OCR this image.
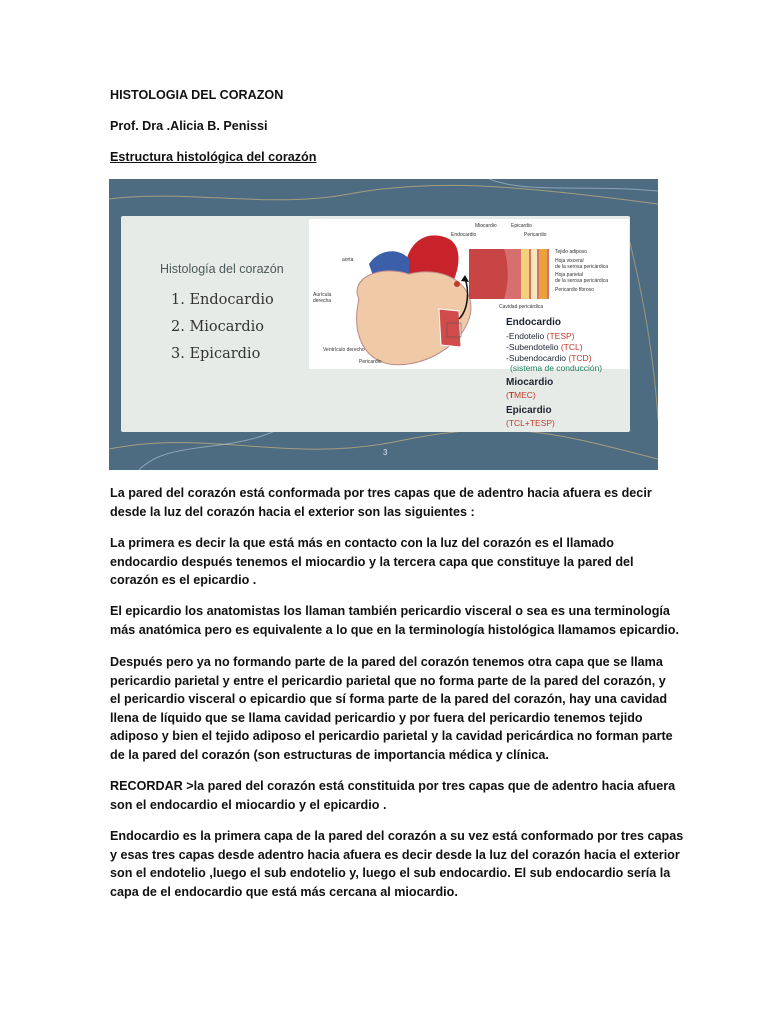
HISTOLOGIA DEL CORAZON
Prof. Dra .Alicia B. Penissi
Estructura histológica del corazón
Histología del corazón
1. Endocardio
2. Miocardio
3. Epicardio
aorta
Aurícula
derecha
Ventrículo derecho
Pericardio
Miocardio	Epicardio
Endocardio	Pericardio
Tejido adiposo
Hoja visceral
de la serosa pericárdica
Hoja parietal
de la serosa pericárdica
Pericardio fibroso
Cavidad pericárdica
Endocardio
-Endotelio (TESP)
-Subendotelio (TCL)
-Subendocardio (TCD)
(sistema de conducción)
Miocardio
(TMEC)
Epicardio
(TCL+TESP)
3
La pared del corazón está conformada por tres capas que de adentro hacia afuera es decir
desde la luz del corazón hacia el exterior son las siguientes :
La primera es decir la que está más en contacto con la luz del corazón es el llamado
endocardio después tenemos el miocardio y la tercera capa que constituye la pared del
corazón es el epicardio .
El epicardio los anatomistas los llaman también pericardio visceral o sea es una terminología
más anatómica pero es equivalente a lo que en la terminología histológica llamamos epicardio.
Después pero ya no formando parte de la pared del corazón tenemos otra capa que se llama
pericardio parietal y entre el pericardio parietal que no forma parte de la pared del corazón, y
el pericardio visceral o epicardio que sí forma parte de la pared del corazón, hay una cavidad
llena de líquido que se llama cavidad pericardio y por fuera del pericardio tenemos tejido
adiposo y bien el tejido adiposo el pericardio parietal y la cavidad pericárdica no forman parte
de la pared del corazón (son estructuras de importancia médica y clínica.
RECORDAR >la pared del corazón está constituida por tres capas que de adentro hacia afuera
son el endocardio el miocardio y el epicardio .
Endocardio es la primera capa de la pared del corazón a su vez está conformado por tres capas
y esas tres capas desde adentro hacia afuera es decir desde la luz del corazón hacia el exterior
son el endotelio ,luego el sub endotelio y, luego el sub endocardio. El sub endocardio sería la
capa de el endocardio que está más cercana al miocardio.
